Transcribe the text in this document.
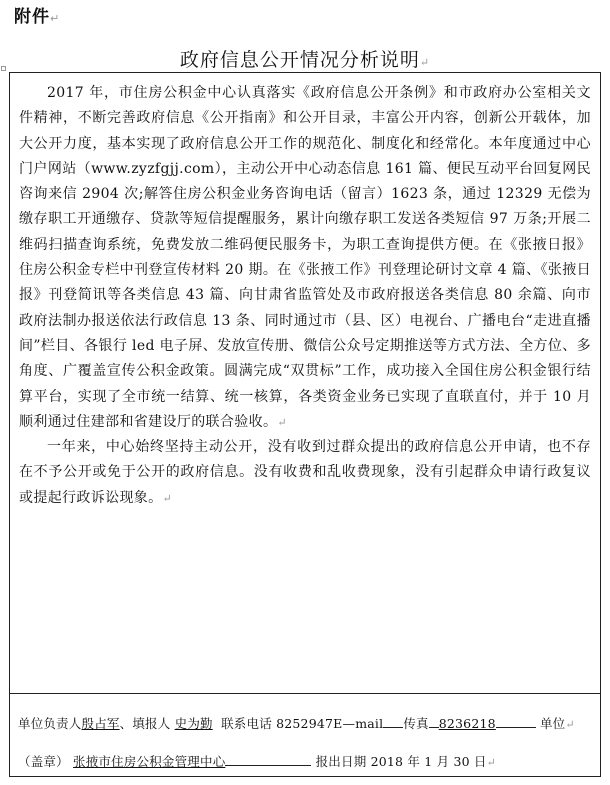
附件↵
政府信息公开情况分析说明↵

2017 年，市住房公积金中心认真落实《政府信息公开条例》和市政府办公室相关文件精神，不断完善政府信息《公开指南》和公开目录，丰富公开内容，创新公开载体，加大公开力度，基本实现了政府信息公开工作的规范化、制度化和经常化。本年度通过中心门户网站（www.zyzfgjj.com），主动公开中心动态信息 161 篇、便民互动平台回复网民咨询来信 2904 次;解答住房公积金业务咨询电话（留言）1623 条，通过 12329 无偿为缴存职工开通缴存、贷款等短信提醒服务，累计向缴存职工发送各类短信 97 万条;开展二维码扫描查询系统，免费发放二维码便民服务卡，为职工查询提供方便。在《张掖日报》住房公积金专栏中刊登宣传材料 20 期。在《张掖工作》刊登理论研讨文章 4 篇、《张掖日报》刊登简讯等各类信息 43 篇、向甘肃省监管处及市政府报送各类信息 80 余篇、向市政府法制办报送依法行政信息 13 条、同时通过市（县、区）电视台、广播电台“走进直播间”栏目、各银行 led 电子屏、发放宣传册、微信公众号定期推送等方式方法、全方位、多角度、广覆盖宣传公积金政策。圆满完成“双贯标”工作，成功接入全国住房公积金银行结算平台，实现了全市统一结算、统一核算，各类资金业务已实现了直联直付，并于 10 月顺利通过住建部和省建设厅的联合验收。↵

一年来，中心始终坚持主动公开，没有收到过群众提出的政府信息公开申请，也不存在不予公开或免于公开的政府信息。没有收费和乱收费现象，没有引起群众申请行政复议或提起行政诉讼现象。↵

单位负责人殷占军、填报人 史为勤 联系电话 8252947E—mail 传真 8236218	单位↵
（盖章） 张掖市住房公积金管理中心	报出日期 2018 年 1 月 30 日↵
